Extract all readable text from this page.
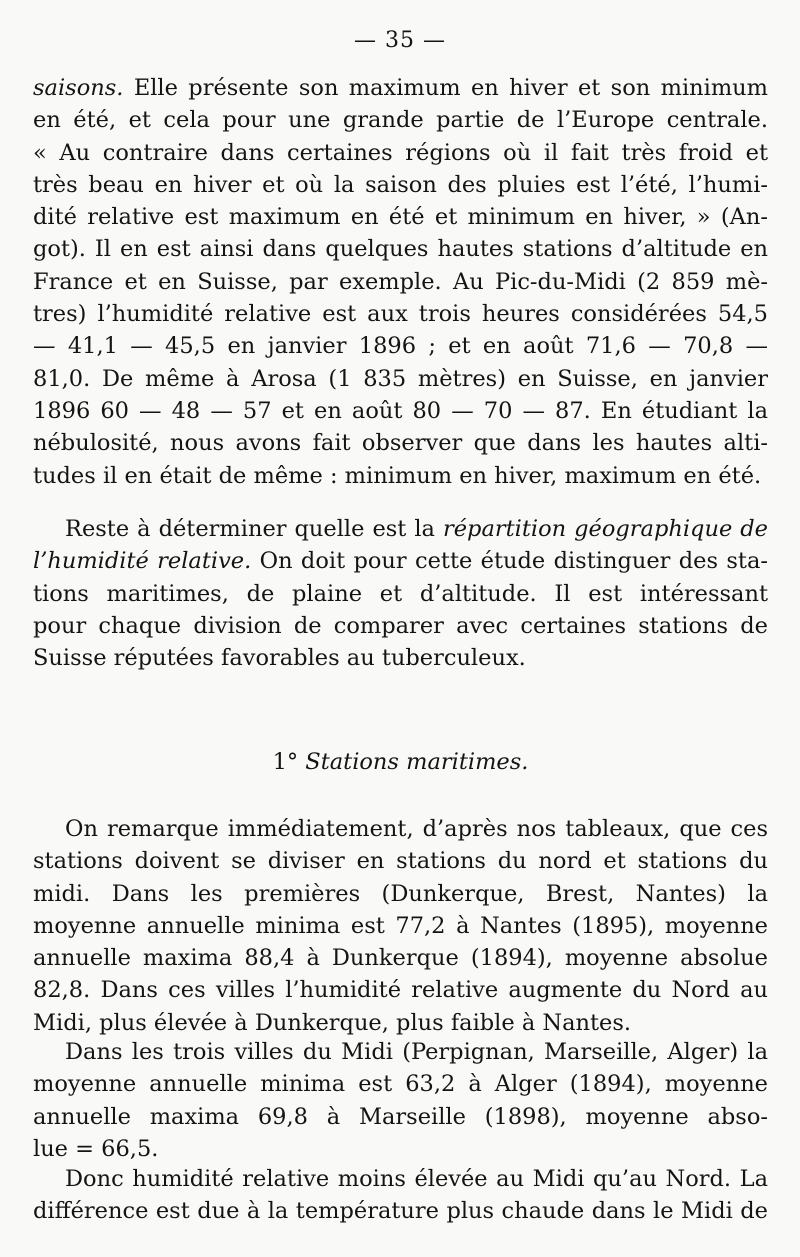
— 35 —
saisons. Elle présente son maximum en hiver et son minimum
en été, et cela pour une grande partie de l’Europe centrale.
« Au contraire dans certaines régions où il fait très froid et
très beau en hiver et où la saison des pluies est l’été, l’humi-
dité relative est maximum en été et minimum en hiver, » (An-
got). Il en est ainsi dans quelques hautes stations d’altitude en
France et en Suisse, par exemple. Au Pic-du-Midi (2 859 mè-
tres) l’humidité relative est aux trois heures considérées 54,5
— 41,1 — 45,5 en janvier 1896 ; et en août 71,6 — 70,8 —
81,0. De même à Arosa (1 835 mètres) en Suisse, en janvier
1896 60 — 48 — 57 et en août 80 — 70 — 87. En étudiant la
nébulosité, nous avons fait observer que dans les hautes alti-
tudes il en était de même : minimum en hiver, maximum en été.
Reste à déterminer quelle est la répartition géographique de
l’humidité relative. On doit pour cette étude distinguer des sta-
tions maritimes, de plaine et d’altitude. Il est intéressant
pour chaque division de comparer avec certaines stations de
Suisse réputées favorables au tuberculeux.
1° Stations maritimes.
On remarque immédiatement, d’après nos tableaux, que ces
stations doivent se diviser en stations du nord et stations du
midi. Dans les premières (Dunkerque, Brest, Nantes) la
moyenne annuelle minima est 77,2 à Nantes (1895), moyenne
annuelle maxima 88,4 à Dunkerque (1894), moyenne absolue
82,8. Dans ces villes l’humidité relative augmente du Nord au
Midi, plus élevée à Dunkerque, plus faible à Nantes.
Dans les trois villes du Midi (Perpignan, Marseille, Alger) la
moyenne annuelle minima est 63,2 à Alger (1894), moyenne
annuelle maxima 69,8 à Marseille (1898), moyenne abso-
lue = 66,5.
Donc humidité relative moins élevée au Midi qu’au Nord. La
différence est due à la température plus chaude dans le Midi de
